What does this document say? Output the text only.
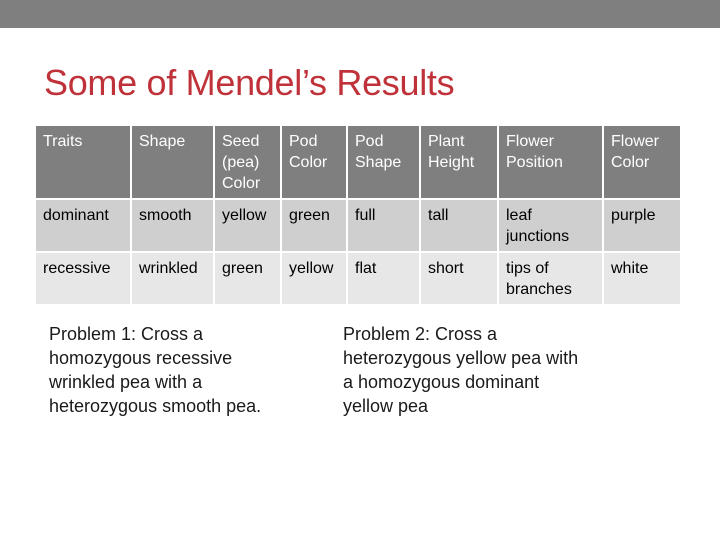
Some of Mendel’s Results
Traits	Shape	Seed (pea) Color	Pod Color	Pod Shape	Plant Height	Flower Position	Flower Color
dominant	smooth	yellow	green	full	tall	leaf junctions	purple
recessive	wrinkled	green	yellow	flat	short	tips of branches	white

Problem 1: Cross a homozygous recessive wrinkled pea with a heterozygous smooth pea.

Problem 2: Cross a heterozygous yellow pea with a homozygous dominant yellow pea
